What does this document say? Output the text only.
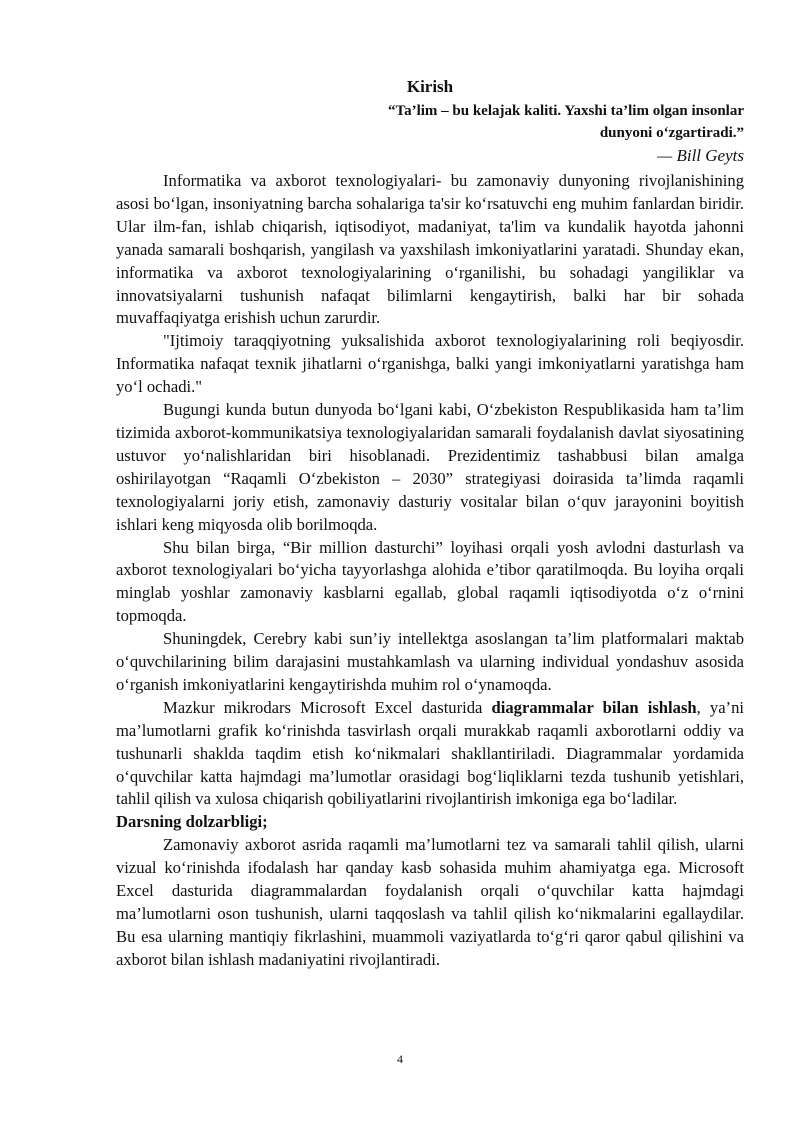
Kirish

“Ta’lim – bu kelajak kaliti. Yaxshi ta’lim olgan insonlar
dunyoni o‘zgartiradi.”

— Bill Geyts

Informatika va axborot texnologiyalari- bu zamonaviy dunyoning rivojlanishining asosi bo‘lgan, insoniyatning barcha sohalariga ta'sir ko‘rsatuvchi eng muhim fanlardan biridir. Ular ilm-fan, ishlab chiqarish, iqtisodiyot, madaniyat, ta'lim va kundalik hayotda jahonni yanada samarali boshqarish, yangilash va yaxshilash imkoniyatlarini yaratadi. Shunday ekan, informatika va axborot texnologiyalarining o‘rganilishi, bu sohadagi yangiliklar va innovatsiyalarni tushunish nafaqat bilimlarni kengaytirish, balki har bir sohada muvaffaqiyatga erishish uchun zarurdir.

"Ijtimoiy taraqqiyotning yuksalishida axborot texnologiyalarining roli beqiyosdir. Informatika nafaqat texnik jihatlarni o‘rganishga, balki yangi imkoniyatlarni yaratishga ham yo‘l ochadi."

Bugungi kunda butun dunyoda bo‘lgani kabi, O‘zbekiston Respublikasida ham ta’lim tizimida axborot-kommunikatsiya texnologiyalaridan samarali foydalanish davlat siyosatining ustuvor yo‘nalishlaridan biri hisoblanadi. Prezidentimiz tashabbusi bilan amalga oshirilayotgan “Raqamli O‘zbekiston – 2030” strategiyasi doirasida ta’limda raqamli texnologiyalarni joriy etish, zamonaviy dasturiy vositalar bilan o‘quv jarayonini boyitish ishlari keng miqyosda olib borilmoqda.

Shu bilan birga, “Bir million dasturchi” loyihasi orqali yosh avlodni dasturlash va axborot texnologiyalari bo‘yicha tayyorlashga alohida e’tibor qaratilmoqda. Bu loyiha orqali minglab yoshlar zamonaviy kasblarni egallab, global raqamli iqtisodiyotda o‘z o‘rnini topmoqda.

Shuningdek, Cerebry kabi sun’iy intellektga asoslangan ta’lim platformalari maktab o‘quvchilarining bilim darajasini mustahkamlash va ularning individual yondashuv asosida o‘rganish imkoniyatlarini kengaytirishda muhim rol o‘ynamoqda.

Mazkur mikrodars Microsoft Excel dasturida diagrammalar bilan ishlash, ya’ni ma’lumotlarni grafik ko‘rinishda tasvirlash orqali murakkab raqamli axborotlarni oddiy va tushunarli shaklda taqdim etish ko‘nikmalari shakllantiriladi. Diagrammalar yordamida o‘quvchilar katta hajmdagi ma’lumotlar orasidagi bog‘liqliklarni tezda tushunib yetishlari, tahlil qilish va xulosa chiqarish qobiliyatlarini rivojlantirish imkoniga ega bo‘ladilar.

Darsning dolzarbligi;

Zamonaviy axborot asrida raqamli ma’lumotlarni tez va samarali tahlil qilish, ularni vizual ko‘rinishda ifodalash har qanday kasb sohasida muhim ahamiyatga ega. Microsoft Excel dasturida diagrammalardan foydalanish orqali o‘quvchilar katta hajmdagi ma’lumotlarni oson tushunish, ularni taqqoslash va tahlil qilish ko‘nikmalarini egallaydilar. Bu esa ularning mantiqiy fikrlashini, muammoli vaziyatlarda to‘g‘ri qaror qabul qilishini va axborot bilan ishlash madaniyatini rivojlantiradi.

4
